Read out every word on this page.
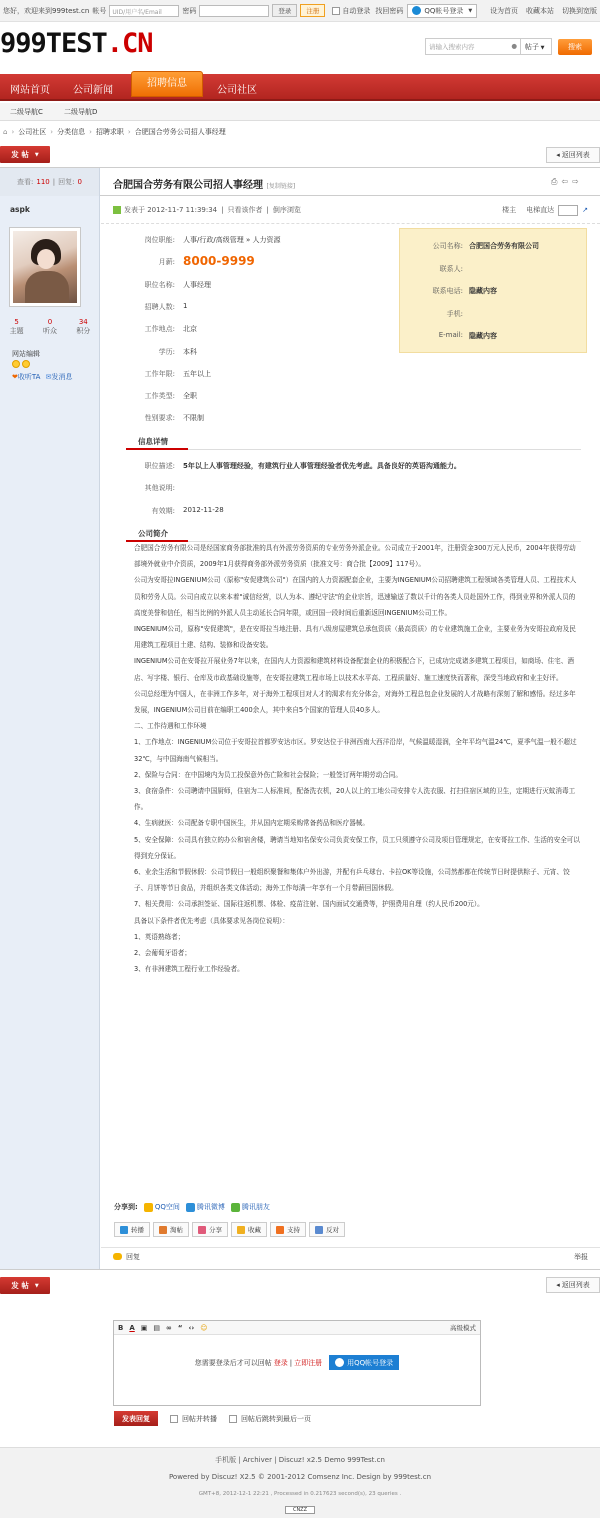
您好，欢迎来到999test.cn 帐号	UID/用户名/Email	密码	登录	注册	自动登录 找回密码	QQ帐号登录 ▼	设为首页 收藏本站 切换到宽版
999TEST.CN	请输入搜索内容	●	帖子 ▼	搜索
网站首页 公司新闻
招聘信息
公司社区
二级导航C	二级导航D
⌂ › 公司社区 › 分类信息 › 招聘求职 › 合肥国合劳务公司招人事经理
发 帖 ▼	◂ 返回列表
查看: 110 | 回复: 0	合肥国合劳务有限公司招人事经理 [复制链接]
⎙ ⇦ ⇨
aspk
5
主题
0
听众
34
积分
网站编辑
❤收听TA ✉发消息
发表于 2012-11-7 11:39:34 | 只看该作者 | 倒序浏览	楼主 电梯直达	↗
岗位职能: 人事/行政/高级管理 » 人力资源
月薪: 8000-9999
职位名称: 人事经理
招聘人数: 1
工作地点: 北京
学历: 本科
工作年限: 五年以上
工作类型: 全职
性别要求: 不限制
公司名称: 合肥国合劳务有限公司
联系人:
联系电话: 隐藏内容
手机:
E-mail: 隐藏内容
信息详情
职位描述: 5年以上人事管理经验，有建筑行业人事管理经验者优先考虑。具备良好的英语沟通能力。
其他说明:
有效期: 2012-11-28
公司简介

合肥国合劳务有限公司是经国家商务部批准的具有外派劳务资质的专业劳务外派企业。公司成立于2001年，注册资金300万元人民币，2004年获得劳动部境外就业中介资质，2009年1月获得商务部外派劳务资质（批准文号：商合批【2009】117号）。

公司为安哥拉INGENIUM公司（原称"安促建筑公司"）在国内的人力资源配套企业，主要为INGENIUM公司招聘建筑工程领域各类管理人员、工程技术人员和劳务人员。公司自成立以来本着"诚信经营，以人为本、遵纪守法"的企业宗旨，迅速输送了数以千计的各类人员赴国外工作，得到业界和外派人员的高度美誉和信任，相当比例的外派人员主动延长合同年限，或回国一段时间后重新返回INGENIUM公司工作。

INGENIUM公司，原称"安促建筑"，是在安哥拉当地注册、具有八级房屋建筑总承包资质（最高资质）的专业建筑施工企业，主要业务为安哥拉政府及民用建筑工程项目土建、结构、装修和设备安装。

INGENIUM公司在安哥拉开展业务7年以来，在国内人力资源和建筑材料设备配套企业的积极配合下，已成功完成诸多建筑工程项目，如商场、住宅、酒店、写字楼、银行、仓库及市政基础设施等，在安哥拉建筑工程市场上以技术水平高、工程质量好、施工速度快而著称，深受当地政府和业主好评。

公司总经理为中国人，在非洲工作多年，对于海外工程项目对人才的渴求有充分体会，对海外工程总包企业发展的人才战略有深刻了解和感悟。经过多年发展，INGENIUM公司目前在编职工400余人，其中来自5个国家的管理人员40多人。

二、工作待遇和工作环境

1、工作地点：INGENIUM公司位于安哥拉首都罗安达市区。罗安达位于非洲西南大西洋沿岸，气候温暖湿润，全年平均气温24℃，夏季气温一般不超过32℃，与中国海南气候相当。

2、保险与合同：在中国境内为员工投保意外伤亡险和社会保险；一般签订两年期劳动合同。

3、食宿条件：公司聘请中国厨师，住宿为二人标准间，配备洗衣机，20人以上的工地公司安排专人洗衣服、打扫住宿区域的卫生，定期进行灭蚊消毒工作。

4、生病就医：公司配备专职中国医生，并从国内定期采购常备药品和医疗器械。

5、安全保障：公司具有独立的办公和宿舍楼，聘请当地知名保安公司负责安保工作，员工只须遵守公司及项目管理规定，在安哥拉工作、生活的安全可以得到充分保证。

6、业余生活和节假休假：公司节假日一般组织聚餐和集体户外出游，并配有乒乓球台、卡拉OK等设施，公司然都都在传统节日时提供粽子、元宵、饺子、月饼等节日食品，并组织各类文体活动；海外工作每满一年享有一个月带薪回国休假。

7、相关费用：公司承担签证、国际往返机票、体检、疫苗注射、国内面试交通费等，护照费用自理（约人民币200元）。

具备以下条件者优先考虑（具体要求见各岗位说明）：

1、英语熟练者；

2、会葡萄牙语者；

3、有非洲建筑工程行业工作经验者。

分享到: QQ空间 腾讯微博 腾讯朋友
转播	淘帖	分享	收藏	支持	反对
回复	举报
发 帖 ▼	◂ 返回列表
B A ▣ ▤ ∞ “ ‹› ☺	高级模式
您需要登录后才可以回帖 登录 | 立即注册	用QQ帐号登录
发表回复	回帖并转播	回帖后跳转到最后一页
手机版 | Archiver | Discuz! x2.5 Demo 999Test.cn
Powered by Discuz! X2.5 © 2001-2012 Comsenz Inc. Design by 999test.cn
GMT+8, 2012-12-1 22:21 , Processed in 0.217623 second(s), 23 queries .
CNZZ
